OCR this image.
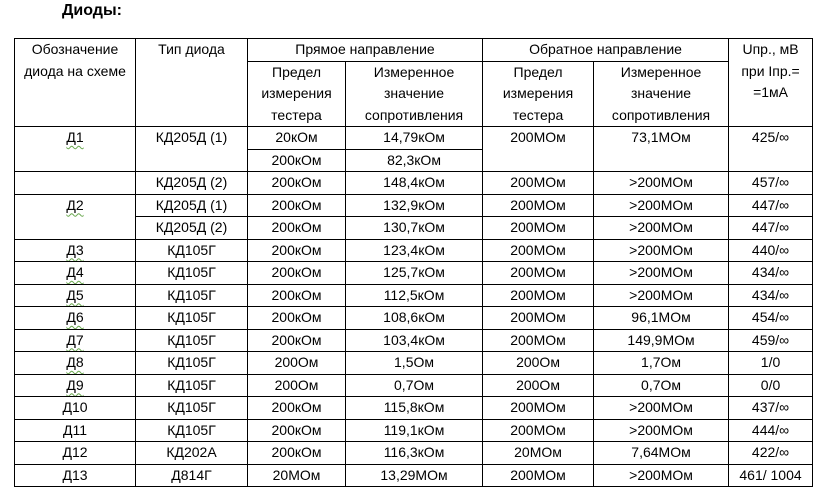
Диоды:
Обозначение диода на схеме	Тип диода	Прямое направление		Обратное направление		Uпр., мВ при Iпр.= =1мА
		Предел измерения тестера	Измеренное значение сопротивления	Предел измерения тестера	Измеренное значение сопротивления	
Д1	КД205Д (1)	20кОм	14,79кОм	200МОм	73,1МОм	425/∞
		200кОм	82,3кОм			
	КД205Д (2)	200кОм	148,4кОм	200МОм	>200МОм	457/∞
Д2	КД205Д (1)	200кОм	132,9кОм	200МОм	>200МОм	447/∞
	КД205Д (2)	200кОм	130,7кОм	200МОм	>200МОм	447/∞
Д3	КД105Г	200кОм	123,4кОм	200МОм	>200МОм	440/∞
Д4	КД105Г	200кОм	125,7кОм	200МОм	>200МОм	434/∞
Д5	КД105Г	200кОм	112,5кОм	200МОм	>200МОм	434/∞
Д6	КД105Г	200кОм	108,6кОм	200МОм	96,1МОм	454/∞
Д7	КД105Г	200кОм	103,4кОм	200МОм	149,9МОм	459/∞
Д8	КД105Г	200Ом	1,5Ом	200Ом	1,7Ом	1/0
Д9	КД105Г	200Ом	0,7Ом	200Ом	0,7Ом	0/0
Д10	КД105Г	200кОм	115,8кОм	200МОм	>200МОм	437/∞
Д11	КД105Г	200кОм	119,1кОм	200МОм	>200МОм	444/∞
Д12	КД202А	200кОм	116,3кОм	20МОм	7,64МОм	422/∞
Д13	Д814Г	20МОм	13,29МОм	200МОм	>200МОм	461/ 1004
